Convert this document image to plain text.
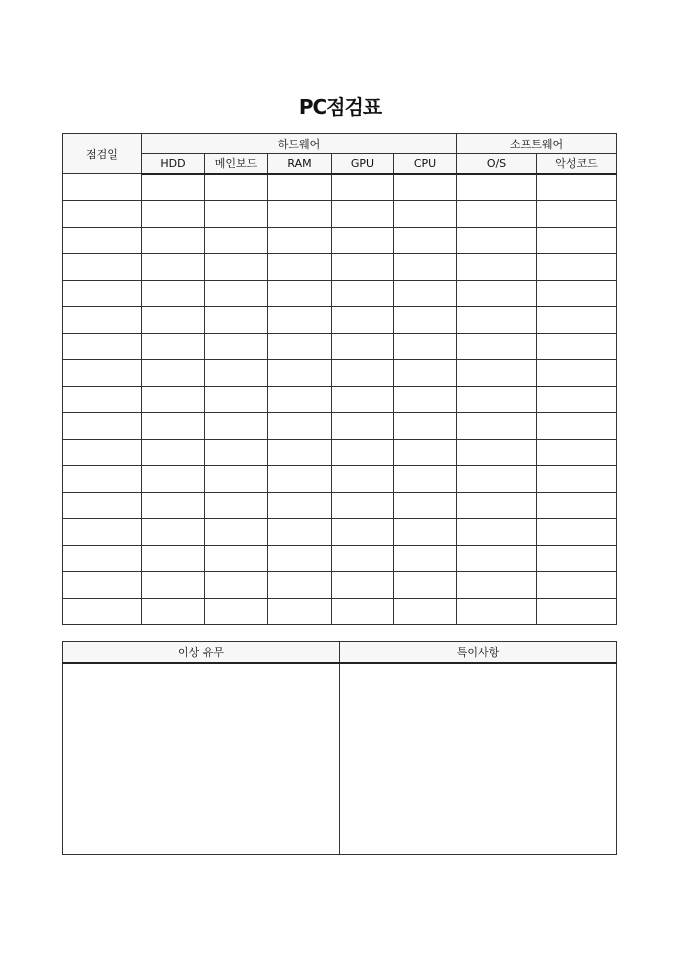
PC점검표
점검일	하드웨어					소프트웨어	
	HDD	메인보드	RAM	GPU	CPU	O/S	악성코드

이상 유무	특이사항
